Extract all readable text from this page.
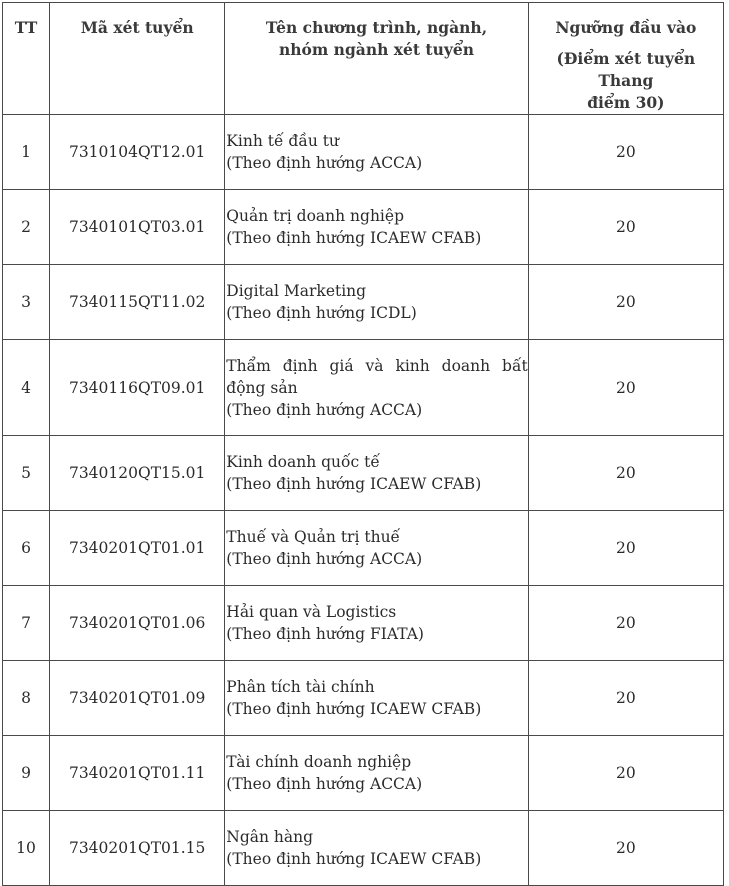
TT	Mã xét tuyển	Tên chương trình, ngành,
nhóm ngành xét tuyển	Ngưỡng đầu vào
(Điểm xét tuyển Thang
điểm 30)

1	7310104QT12.01	Kinh tế đầu tư
(Theo định hướng ACCA)	20
2	7340101QT03.01	Quản trị doanh nghiệp
(Theo định hướng ICAEW CFAB)	20
3	7340115QT11.02	Digital Marketing
(Theo định hướng ICDL)	20
4	7340116QT09.01	Thẩm định giá và kinh doanh bất động sản
(Theo định hướng ACCA)	20
5	7340120QT15.01	Kinh doanh quốc tế
(Theo định hướng ICAEW CFAB)	20
6	7340201QT01.01	Thuế và Quản trị thuế
(Theo định hướng ACCA)	20
7	7340201QT01.06	Hải quan và Logistics
(Theo định hướng FIATA)	20
8	7340201QT01.09	Phân tích tài chính
(Theo định hướng ICAEW CFAB)	20
9	7340201QT01.11	Tài chính doanh nghiệp
(Theo định hướng ACCA)	20
10	7340201QT01.15	Ngân hàng
(Theo định hướng ICAEW CFAB)	20
